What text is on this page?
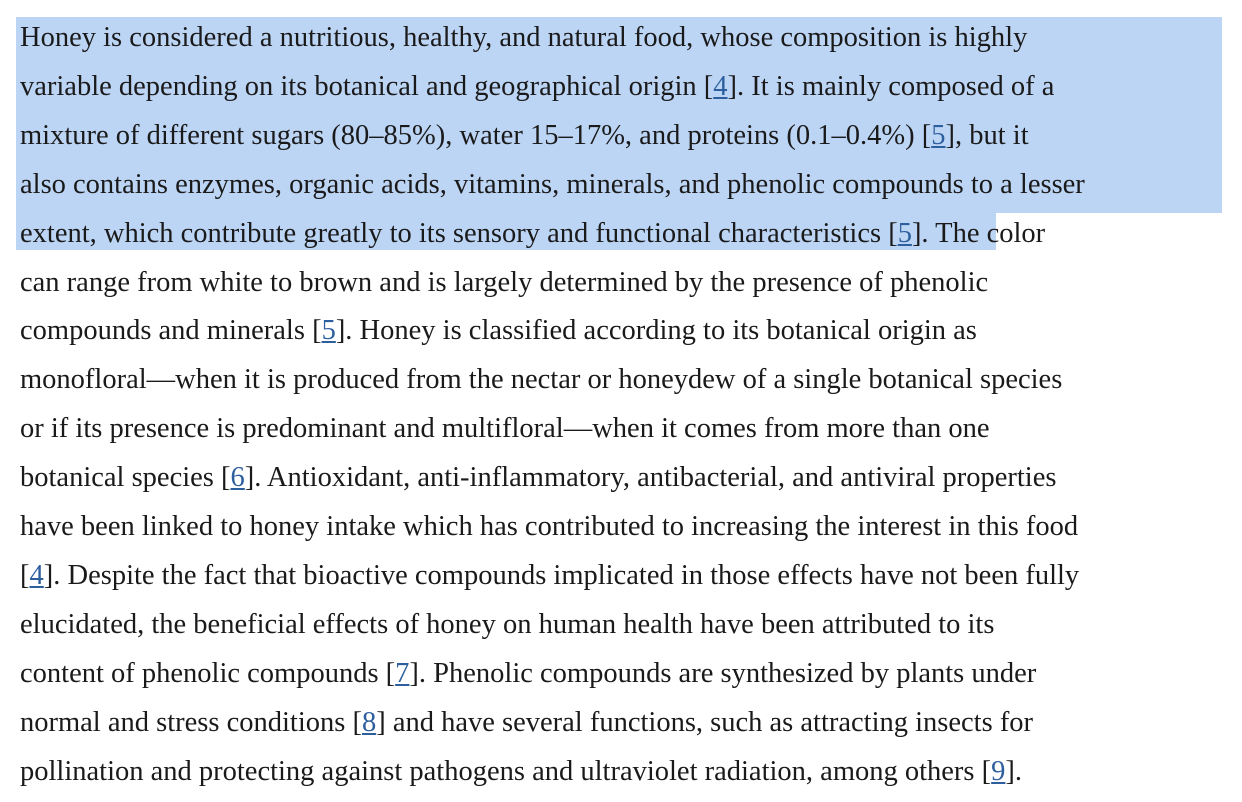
Honey is considered a nutritious, healthy, and natural food, whose composition is highly
variable depending on its botanical and geographical origin [4]. It is mainly composed of a
mixture of different sugars (80–85%), water 15–17%, and proteins (0.1–0.4%) [5], but it
also contains enzymes, organic acids, vitamins, minerals, and phenolic compounds to a lesser
extent, which contribute greatly to its sensory and functional characteristics [5]. The color
can range from white to brown and is largely determined by the presence of phenolic
compounds and minerals [5]. Honey is classified according to its botanical origin as
monofloral—when it is produced from the nectar or honeydew of a single botanical species
or if its presence is predominant and multifloral—when it comes from more than one
botanical species [6]. Antioxidant, anti-inflammatory, antibacterial, and antiviral properties
have been linked to honey intake which has contributed to increasing the interest in this food
[4]. Despite the fact that bioactive compounds implicated in those effects have not been fully
elucidated, the beneficial effects of honey on human health have been attributed to its
content of phenolic compounds [7]. Phenolic compounds are synthesized by plants under
normal and stress conditions [8] and have several functions, such as attracting insects for
pollination and protecting against pathogens and ultraviolet radiation, among others [9].
